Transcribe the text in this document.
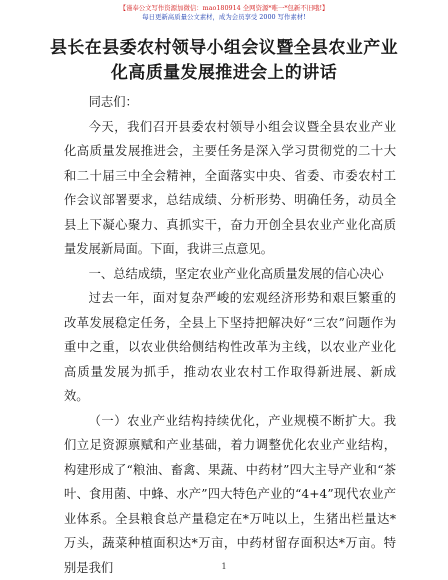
【谨奉公文写作资源加微信：mao180914 全网资源*唯一*包新不旧哦!】
每日更新高质量公文素材，成为会员享受 2000 写作素材!
县长在县委农村领导小组会议暨全县农业产业
化高质量发展推进会上的讲话

同志们：

今天，我们召开县委农村领导小组会议暨全县农业产业化高质量发展推进会，主要任务是深入学习贯彻党的二十大和二十届三中全会精神，全面落实中央、省委、市委农村工作会议部署要求，总结成绩、分析形势、明确任务，动员全县上下凝心聚力、真抓实干，奋力开创全县农业产业化高质量发展新局面。下面，我讲三点意见。

一、总结成绩，坚定农业产业化高质量发展的信心决心

过去一年，面对复杂严峻的宏观经济形势和艰巨繁重的改革发展稳定任务，全县上下坚持把解决好“三农”问题作为重中之重，以农业供给侧结构性改革为主线，以农业产业化高质量发展为抓手，推动农业农村工作取得新进展、新成效。

（一）农业产业结构持续优化，产业规模不断扩大。我们立足资源禀赋和产业基础，着力调整优化农业产业结构，构建形成了“粮油、畜禽、果蔬、中药材”四大主导产业和“茶叶、食用菌、中蜂、水产”四大特色产业的“4+4”现代农业产业体系。全县粮食总产量稳定在*万吨以上，生猪出栏量达*万头，蔬菜种植面积达*万亩，中药材留存面积达*万亩。特别是我们	1
